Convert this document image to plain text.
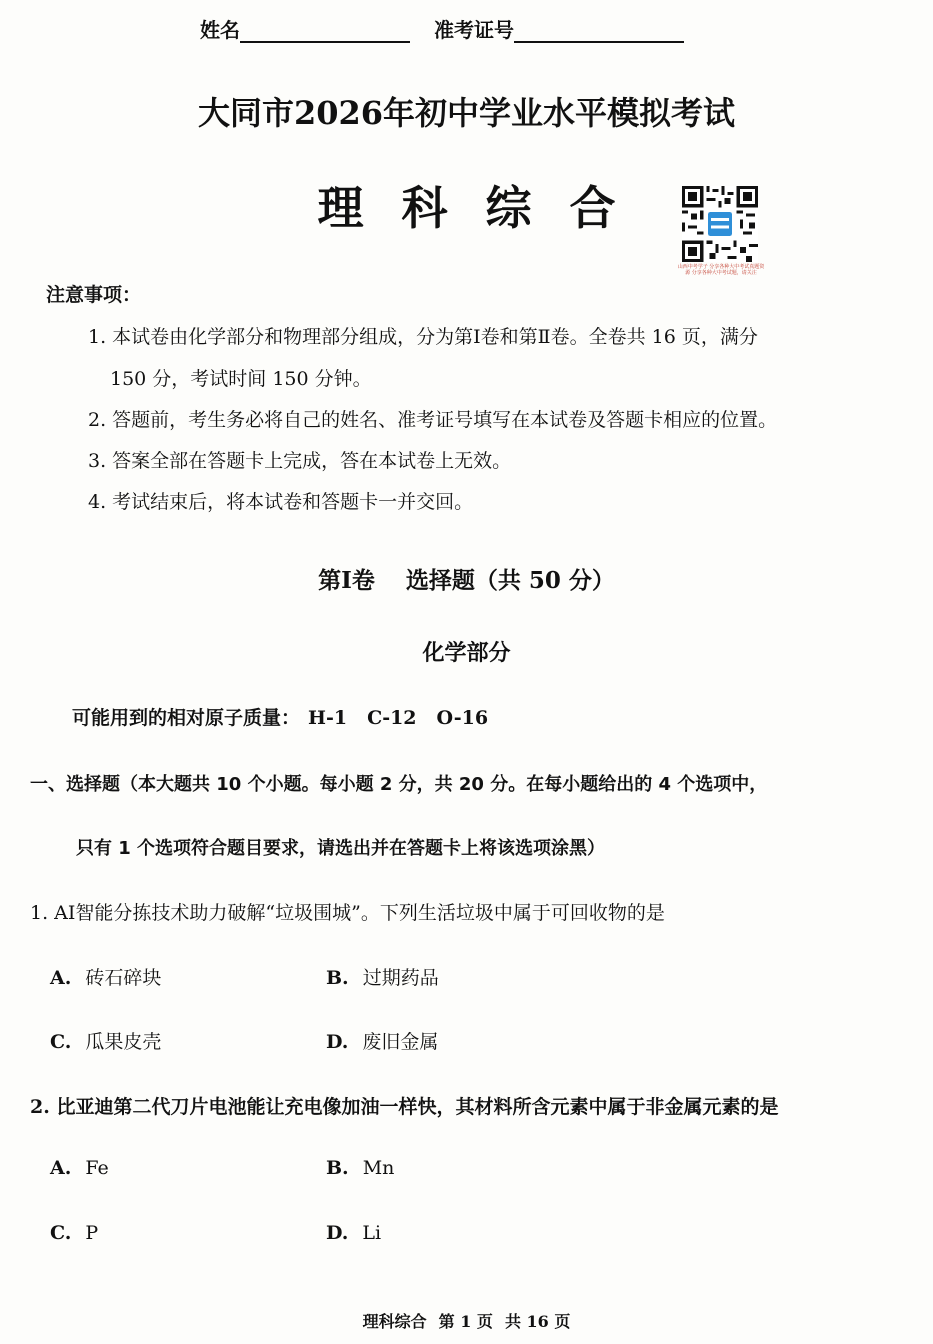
姓名	准考证号
大同市2026年初中学业水平模拟考试
理科综合
山西中考学子 分享各种大中考试真题资源 分享各种大中考试题，请关注
注意事项：
1. 本试卷由化学部分和物理部分组成，分为第Ⅰ卷和第Ⅱ卷。全卷共 16 页，满分
150 分，考试时间 150 分钟。
2. 答题前，考生务必将自己的姓名、准考证号填写在本试卷及答题卡相应的位置。
3. 答案全部在答题卡上完成，答在本试卷上无效。
4. 考试结束后，将本试卷和答题卡一并交回。
第Ⅰ卷　 选择题（共 50 分）
化学部分
可能用到的相对原子质量： H-1 C-12 O-16
一、选择题（本大题共 10 个小题。每小题 2 分，共 20 分。在每小题给出的 4 个选项中，
只有 1 个选项符合题目要求，请选出并在答题卡上将该选项涂黑）
1. AI智能分拣技术助力破解“垃圾围城”。下列生活垃圾中属于可回收物的是
A. 砖石碎块	B. 过期药品
C. 瓜果皮壳	D. 废旧金属
2. 比亚迪第二代刀片电池能让充电像加油一样快，其材料所含元素中属于非金属元素的是
A. Fe	B. Mn
C. P	D. Li
理科综合 第 1 页 共 16 页
